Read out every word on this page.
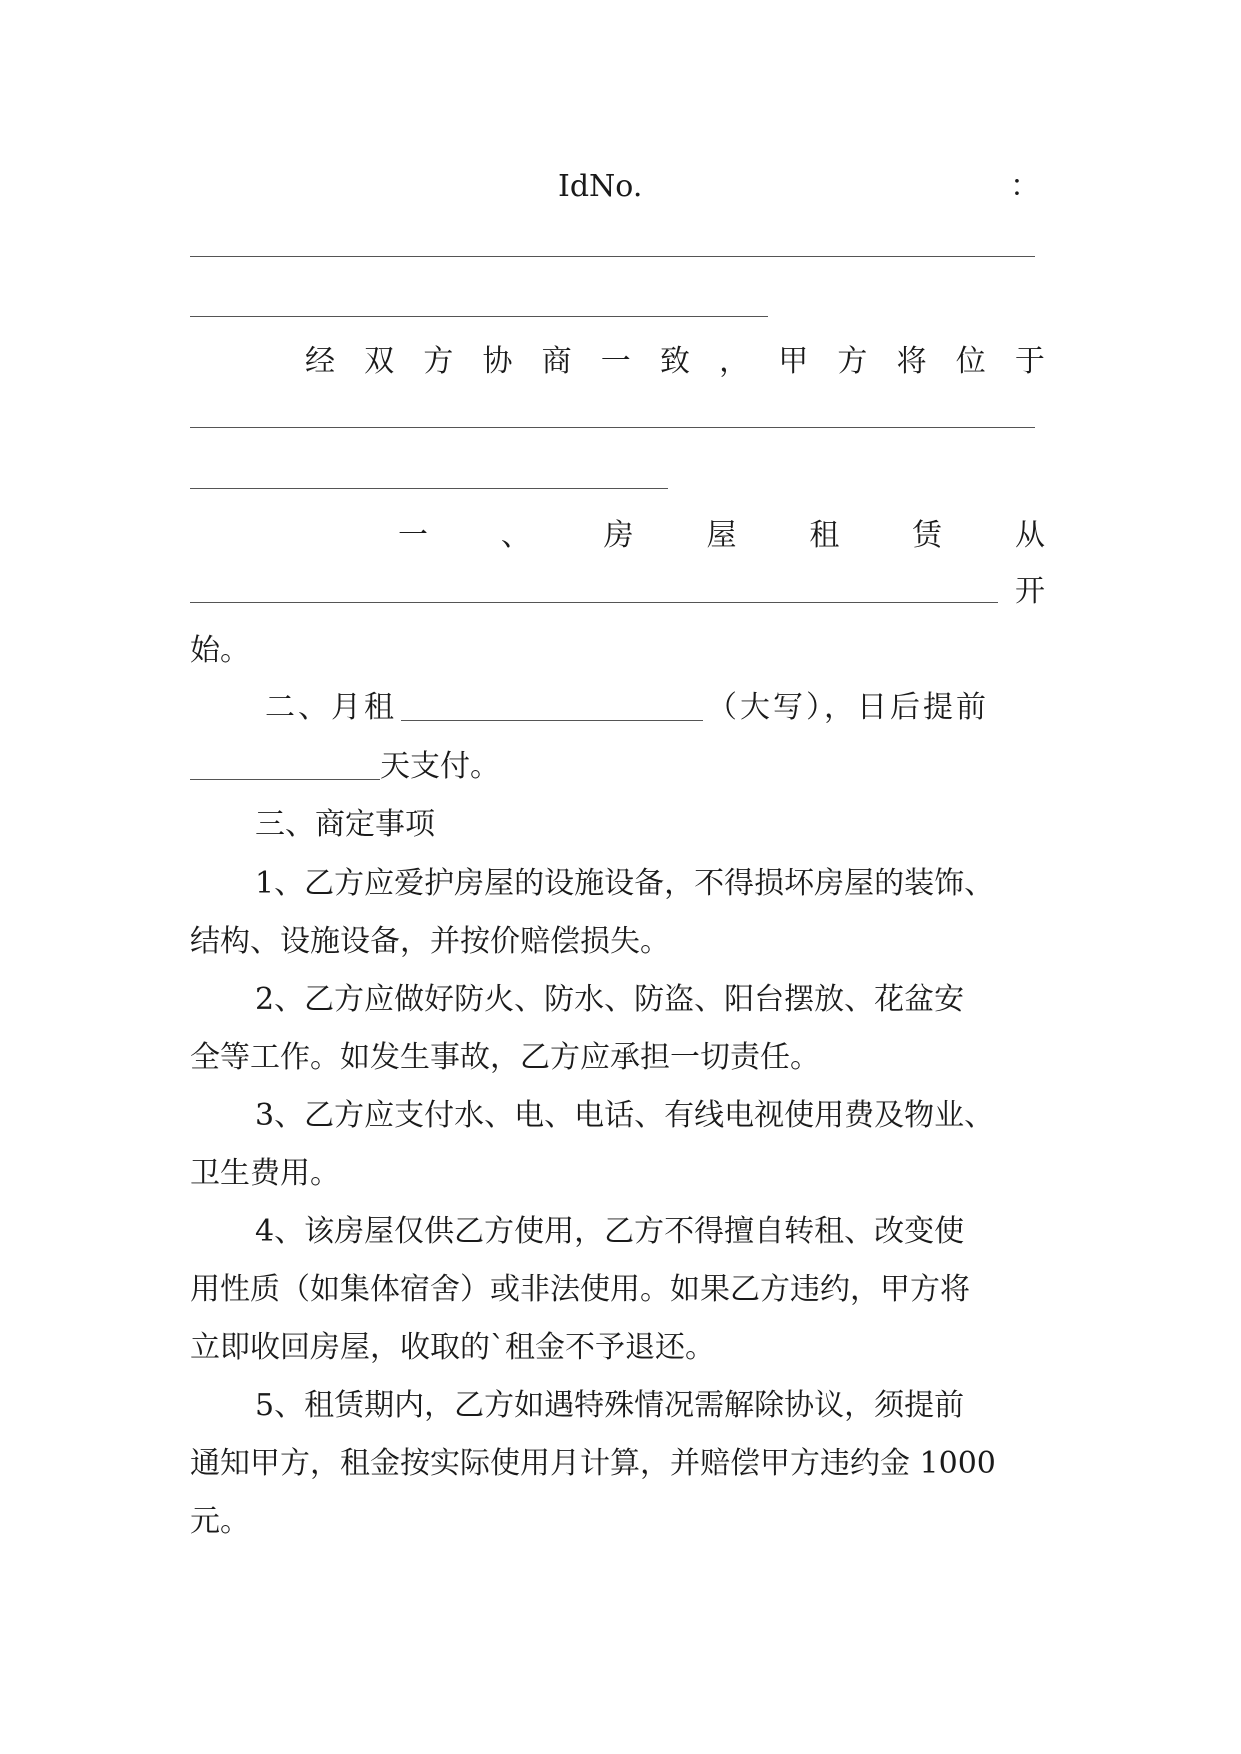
IdNo.	：
经 双 方 协 商 一 致 ， 甲 方 将 位 于
一 、 房 屋 租 赁 从
开
始。
二、月租	（大写），日后提前
天支付。
三、商定事项
1、乙方应爱护房屋的设施设备，不得损坏房屋的装饰、
结构、设施设备，并按价赔偿损失。
2、乙方应做好防火、防水、防盗、阳台摆放、花盆安
全等工作。如发生事故，乙方应承担一切责任。
3、乙方应支付水、电、电话、有线电视使用费及物业、
卫生费用。
4、该房屋仅供乙方使用，乙方不得擅自转租、改变使
用性质（如集体宿舍）或非法使用。如果乙方违约，甲方将
立即收回房屋，收取的`租金不予退还。
5、租赁期内，乙方如遇特殊情况需解除协议，须提前
通知甲方，租金按实际使用月计算，并赔偿甲方违约金 1000
元。
